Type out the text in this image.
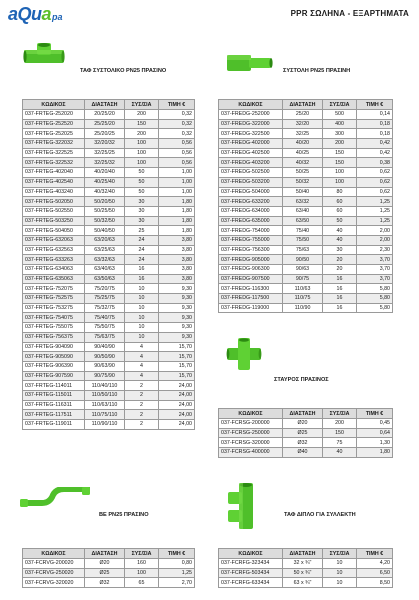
aQu a pa	PPR ΣΩΛΗΝΑ - ΕΞΑΡΤΗΜΑΤΑ
ΤΑΦ ΣΥΣΤΟΛΙΚΟ PN25 ΠΡΑΣΙΝΟ	ΣΥΣΤΟΛΗ PN25 ΠΡΑΣΙΝΗ
ΚΩΔΙΚΟΣ	ΔΙΑΣΤΑΣΗ	ΣΥΣ/ΣΙΑ	ΤΙΜΗ €
037-FRTEG-252020	20/25/20	200	0,32
037-FRTEG-252520	25/25/20	150	0,32
037-FRTEG-252025	25/20/25	200	0,32
037-FRTEG-322032	32/20/32	100	0,56
037-FRTEG-322525	32/25/25	100	0,56
037-FRTEG-322532	32/25/32	100	0,56
037-FRTEG-402040	40/20/40	50	1,00
037-FRTEG-402540	40/25/40	50	1,00
037-FRTEG-403240	40/32/40	50	1,00
037-FRTEG-502050	50/20/50	30	1,80
037-FRTEG-502550	50/25/50	30	1,80
037-FRTEG-503250	50/32/50	30	1,80
037-FRTEG-504050	50/40/50	25	1,80
037-FRTEG-632063	63/20/63	24	3,80
037-FRTEG-632563	63/25/63	24	3,80
037-FRTEG-633263	63/32/63	24	3,80
037-FRTEG-634063	63/40/63	16	3,80
037-FRTEG-635063	63/50/63	16	3,80
037-FRTEG-752075	75/20/75	10	9,30
037-FRTEG-752575	75/25/75	10	9,30
037-FRTEG-753275	75/32/75	10	9,30
037-FRTEG-754075	75/40/75	10	9,30
037-FRTEG-755075	75/50/75	10	9,30
037-FRTEG-756375	75/63/75	10	9,30
037-FRTEG-904090	90/40/90	4	15,70
037-FRTEG-905090	90/50/90	4	15,70
037-FRTEG-906390	90/63/90	4	15,70
037-FRTEG-907590	90/75/90	4	15,70
037-FRTEG-114011	110/40/110	2	24,00
037-FRTEG-115011	110/50/110	2	24,00
037-FRTEG-116311	110/63/110	2	24,00
037-FRTEG-117511	110/75/110	2	24,00
037-FRTEG-119011	110/90/110	2	24,00
ΚΩΔΙΚΟΣ	ΔΙΑΣΤΑΣΗ	ΣΥΣ/ΣΙΑ	ΤΙΜΗ €
037-FREDG-252000	25/20	500	0,14
037-FREDG-322000	32/20	400	0,18
037-FREDG-322500	32/25	300	0,18
037-FREDG-402000	40/20	200	0,42
037-FREDG-402500	40/25	150	0,42
037-FREDG-403200	40/32	150	0,38
037-FREDG-502500	50/25	100	0,62
037-FREDG-503200	50/32	100	0,62
037-FREDG-504000	50/40	80	0,62
037-FREDG-633200	63/32	60	1,25
037-FREDG-634000	63/40	60	1,25
037-FREDG-635000	63/50	50	1,25
037-FREDG-754000	75/40	40	2,00
037-FREDG-755000	75/50	40	2,00
037-FREDG-756300	75/63	30	2,30
037-FREDG-905000	90/50	20	3,70
037-FREDG-906300	90/63	20	3,70
037-FREDG-907500	90/75	16	3,70
037-FREDG-116300	110/63	16	5,80
037-FREDG-117500	110/75	16	5,80
037-FREDG-119000	110/90	16	5,80
ΣΤΑΥΡΟΣ ΠΡΑΣΙΝΟΣ
ΚΩΔΙΚΟΣ	ΔΙΑΣΤΑΣΗ	ΣΥΣ/ΣΙΑ	ΤΙΜΗ €
037-FCRSG-200000	Ø20	200	0,45
037-FCRSG-250000	Ø25	150	0,64
037-FCRSG-320000	Ø32	75	1,30
037-FCRSG-400000	Ø40	40	1,80
ΒΕ PN25 ΠΡΑΣΙΝΟ	ΤΑΦ ΔΙΠΛΟ ΓΙΑ ΣΥΛΛΕΚΤΗ
ΚΩΔΙΚΟΣ	ΔΙΑΣΤΑΣΗ	ΣΥΣ/ΣΙΑ	ΤΙΜΗ €
037-FCRVG-200020	Ø20	160	0,80
037-FCRVG-250020	Ø25	100	1,25
037-FCRVG-320020	Ø32	65	2,70
ΚΩΔΙΚΟΣ	ΔΙΑΣΤΑΣΗ	ΣΥΣ/ΣΙΑ	ΤΙΜΗ €
037-FCRFG-323434	32 x ¾"	10	4,20
037-FCRFG-503434	50 x ¾"	10	6,50
037-FCRFG-633434	63 x ¾"	10	8,50
